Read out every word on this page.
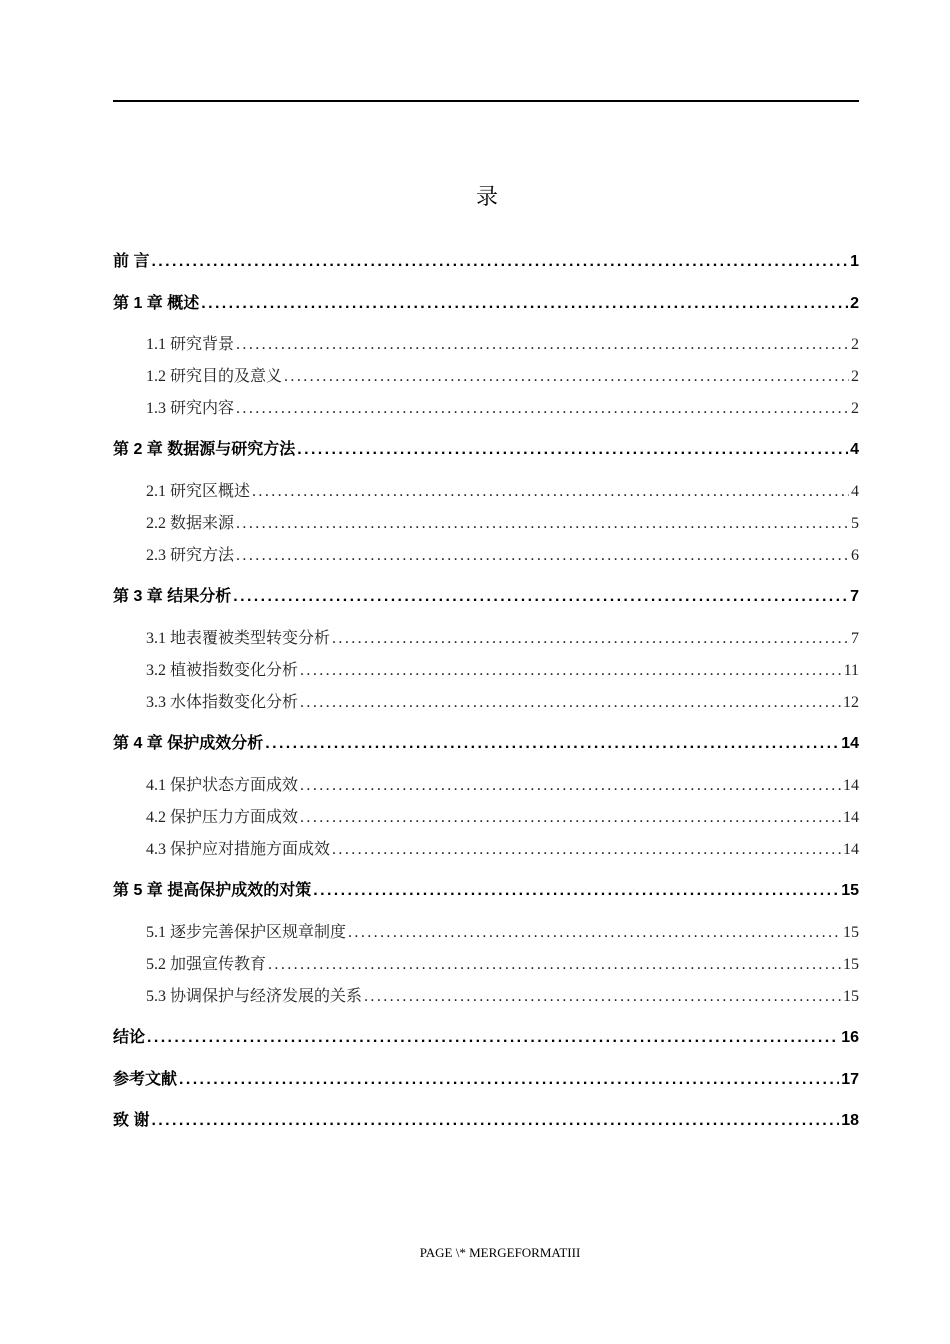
录
前 言 .....	1
第 1 章 概述 .....	2
1.1 研究背景 .....	2
1.2 研究目的及意义 .....	2
1.3 研究内容 .....	2
第 2 章 数据源与研究方法 .....	4
2.1 研究区概述 .....	4
2.2 数据来源 .....	5
2.3 研究方法 .....	6
第 3 章 结果分析 .....	7
3.1 地表覆被类型转变分析 .....	7
3.2 植被指数变化分析 .....	11
3.3 水体指数变化分析 .....	12
第 4 章 保护成效分析 .....	14
4.1 保护状态方面成效 .....	14
4.2 保护压力方面成效 .....	14
4.3 保护应对措施方面成效 .....	14
第 5 章 提高保护成效的对策 .....	15
5.1 逐步完善保护区规章制度 .....	15
5.2 加强宣传教育 .....	15
5.3 协调保护与经济发展的关系 .....	15
结论 .....	16
参考文献 .....	17
致 谢 .....	18
PAGE \* MERGEFORMATIII
